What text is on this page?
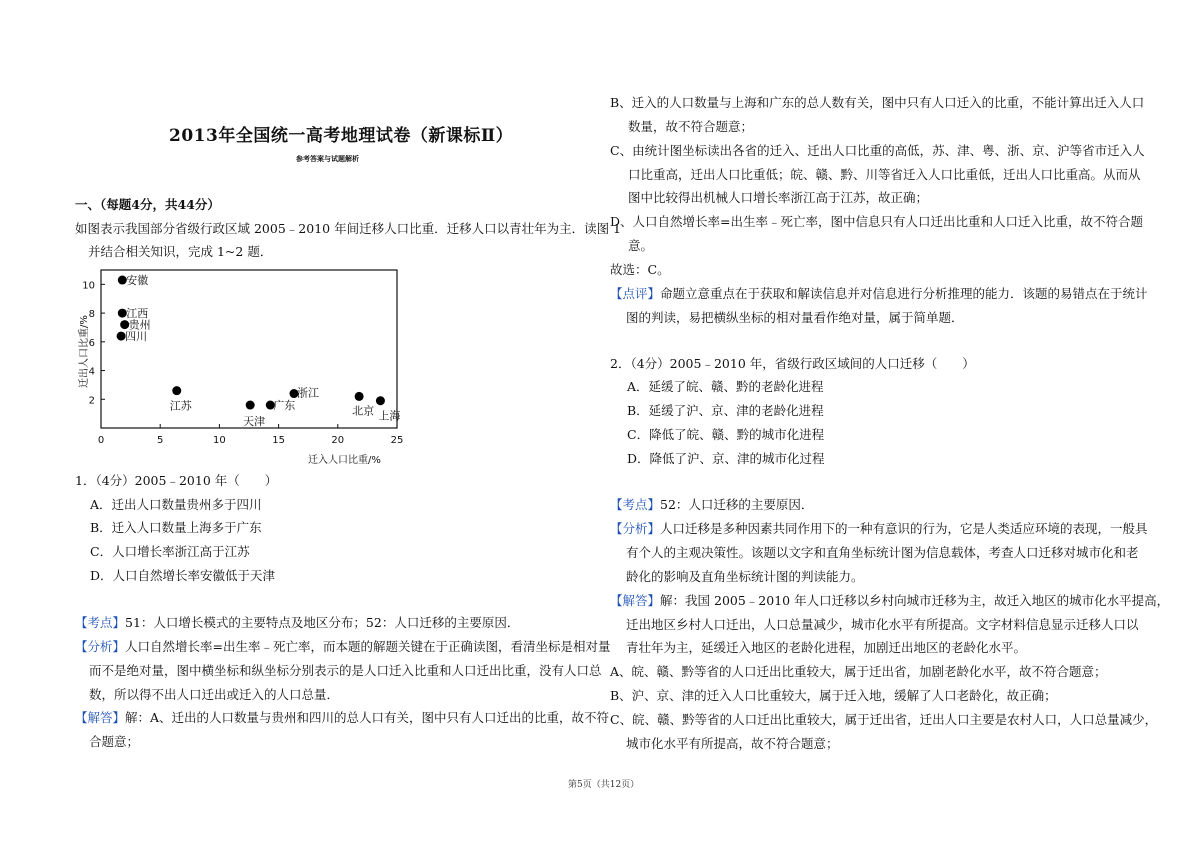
2013年全国统一高考地理试卷（新课标Ⅱ）
参考答案与试题解析
一、（每题4分，共44分）
如图表示我国部分省级行政区域 2005﹣2010 年间迁移人口比重．迁移人口以青壮年为主．读图 1
并结合相关知识，完成 1~2 题．
0	5	10	15	20	25
2
4
6
8
10	安徽
江西
贵州
四川
江苏
天津
广东
浙江
北京 上海
迁入人口比重/%
迁出人口比重/%
1．（4分）2005﹣2010 年（　　）
A．迁出人口数量贵州多于四川
B．迁入人口数量上海多于广东
C．人口增长率浙江高于江苏
D．人口自然增长率安徽低于天津
【考点】51：人口增长模式的主要特点及地区分布；52：人口迁移的主要原因．
【分析】人口自然增长率=出生率﹣死亡率，而本题的解题关键在于正确读图，看清坐标是相对量
而不是绝对量，图中横坐标和纵坐标分别表示的是人口迁入比重和人口迁出比重，没有人口总
数，所以得不出人口迁出或迁入的人口总量．
【解答】解：A、迁出的人口数量与贵州和四川的总人口有关，图中只有人口迁出的比重，故不符
合题意；
B、迁入的人口数量与上海和广东的总人数有关，图中只有人口迁入的比重，不能计算出迁入人口
数量，故不符合题意；
C、由统计图坐标读出各省的迁入、迁出人口比重的高低，苏、津、粤、浙、京、沪等省市迁入人
口比重高，迁出人口比重低；皖、赣、黔、川等省迁入人口比重低，迁出人口比重高。从而从
图中比较得出机械人口增长率浙江高于江苏，故正确；
D、人口自然增长率=出生率﹣死亡率，图中信息只有人口迁出比重和人口迁入比重，故不符合题
意。
故选：C。
【点评】命题立意重点在于获取和解读信息并对信息进行分析推理的能力．该题的易错点在于统计
图的判读，易把横纵坐标的相对量看作绝对量，属于简单题．
2．（4分）2005﹣2010 年，省级行政区域间的人口迁移（　　）
A．延缓了皖、赣、黔的老龄化进程
B．延缓了沪、京、津的老龄化进程
C．降低了皖、赣、黔的城市化进程
D．降低了沪、京、津的城市化过程
【考点】52：人口迁移的主要原因．
【分析】人口迁移是多种因素共同作用下的一种有意识的行为，它是人类适应环境的表现，一般具
有个人的主观决策性。该题以文字和直角坐标统计图为信息载体，考查人口迁移对城市化和老
龄化的影响及直角坐标统计图的判读能力。
【解答】解：我国 2005﹣2010 年人口迁移以乡村向城市迁移为主，故迁入地区的城市化水平提高，
迁出地区乡村人口迁出，人口总量减少，城市化水平有所提高。文字材料信息显示迁移人口以
青壮年为主，延缓迁入地区的老龄化进程，加剧迁出地区的老龄化水平。
A、皖、赣、黔等省的人口迁出比重较大，属于迁出省，加剧老龄化水平，故不符合题意；
B、沪、京、津的迁入人口比重较大，属于迁入地，缓解了人口老龄化，故正确；
C、皖、赣、黔等省的人口迁出比重较大，属于迁出省，迁出人口主要是农村人口，人口总量减少，
城市化水平有所提高，故不符合题意；
第5页（共12页）
